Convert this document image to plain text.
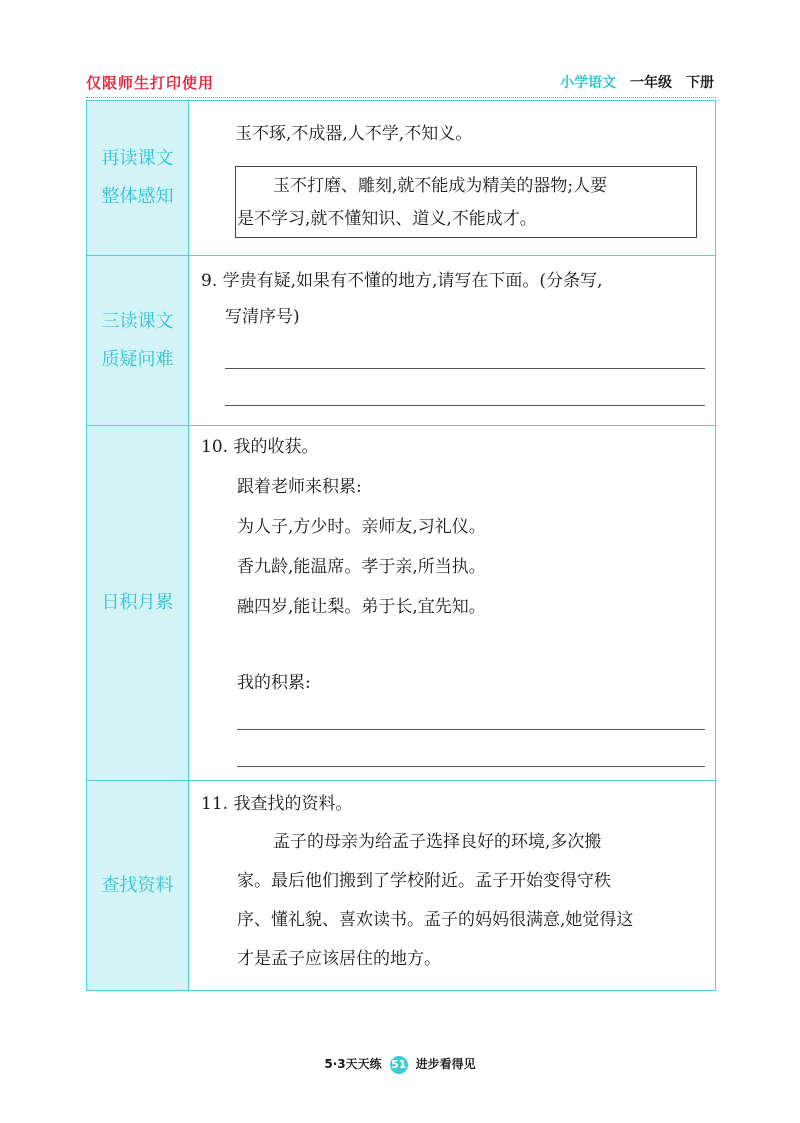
仅限师生打印使用	小学语文 一年级 下册
再读课文
整体感知
玉不琢,不成器,人不学,不知义。
玉不打磨、雕刻,就不能成为精美的器物;人要
是不学习,就不懂知识、道义,不能成才。
三读课文
质疑问难
9. 学贵有疑,如果有不懂的地方,请写在下面。(分条写,
写清序号)
日积月累
10. 我的收获。
跟着老师来积累:
为人子,方少时。亲师友,习礼仪。
香九龄,能温席。孝于亲,所当执。
融四岁,能让梨。弟于长,宜先知。
我的积累:
查找资料
11. 我查找的资料。
孟子的母亲为给孟子选择良好的环境,多次搬
家。最后他们搬到了学校附近。孟子开始变得守秩
序、懂礼貌、喜欢读书。孟子的妈妈很满意,她觉得这
才是孟子应该居住的地方。
5·3天天练 51 进步看得见
